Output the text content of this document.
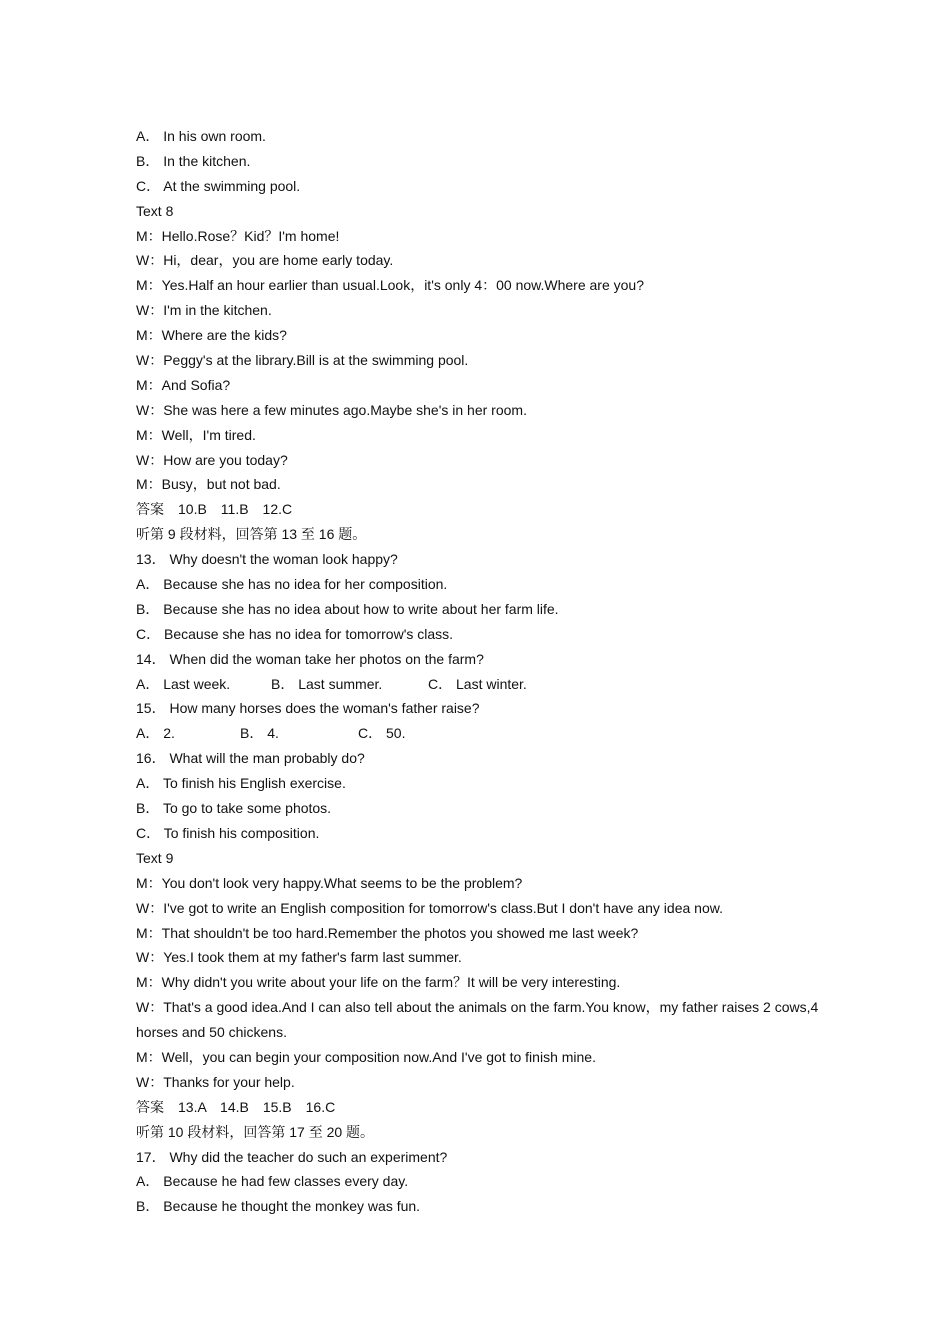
A． In his own room.
B． In the kitchen.
C． At the swimming pool.
Text 8
M：Hello.Rose？Kid？I'm home!
W：Hi，dear，you are home early today.
M：Yes.Half an hour earlier than usual.Look，it's only 4：00 now.Where are you?
W：I'm in the kitchen.
M：Where are the kids?
W：Peggy's at the library.Bill is at the swimming pool.
M：And Sofia?
W：She was here a few minutes ago.Maybe she's in her room.
M：Well，I'm tired.
W：How are you today?
M：Busy，but not bad.
答案　10.B　11.B　12.C
听第 9 段材料，回答第 13 至 16 题。
13． Why doesn't the woman look happy?
A． Because she has no idea for her composition.
B． Because she has no idea about how to write about her farm life.
C． Because she has no idea for tomorrow's class.
14． When did the woman take her photos on the farm?
A． Last week.	B． Last summer.	C． Last winter.
15． How many horses does the woman's father raise?
A． 2.	B． 4.	C． 50.
16． What will the man probably do?
A． To finish his English exercise.
B． To go to take some photos.
C． To finish his composition.
Text 9
M：You don't look very happy.What seems to be the problem?
W：I've got to write an English composition for tomorrow's class.But I don't have any idea now.
M：That shouldn't be too hard.Remember the photos you showed me last week?
W：Yes.I took them at my father's farm last summer.
M：Why didn't you write about your life on the farm？It will be very interesting.
W：That's a good idea.And I can also tell about the animals on the farm.You know，my father raises 2 cows,4 horses and 50 chickens.
M：Well，you can begin your composition now.And I've got to finish mine.
W：Thanks for your help.
答案　13.A　14.B　15.B　16.C
听第 10 段材料，回答第 17 至 20 题。
17． Why did the teacher do such an experiment?
A． Because he had few classes every day.
B． Because he thought the monkey was fun.
